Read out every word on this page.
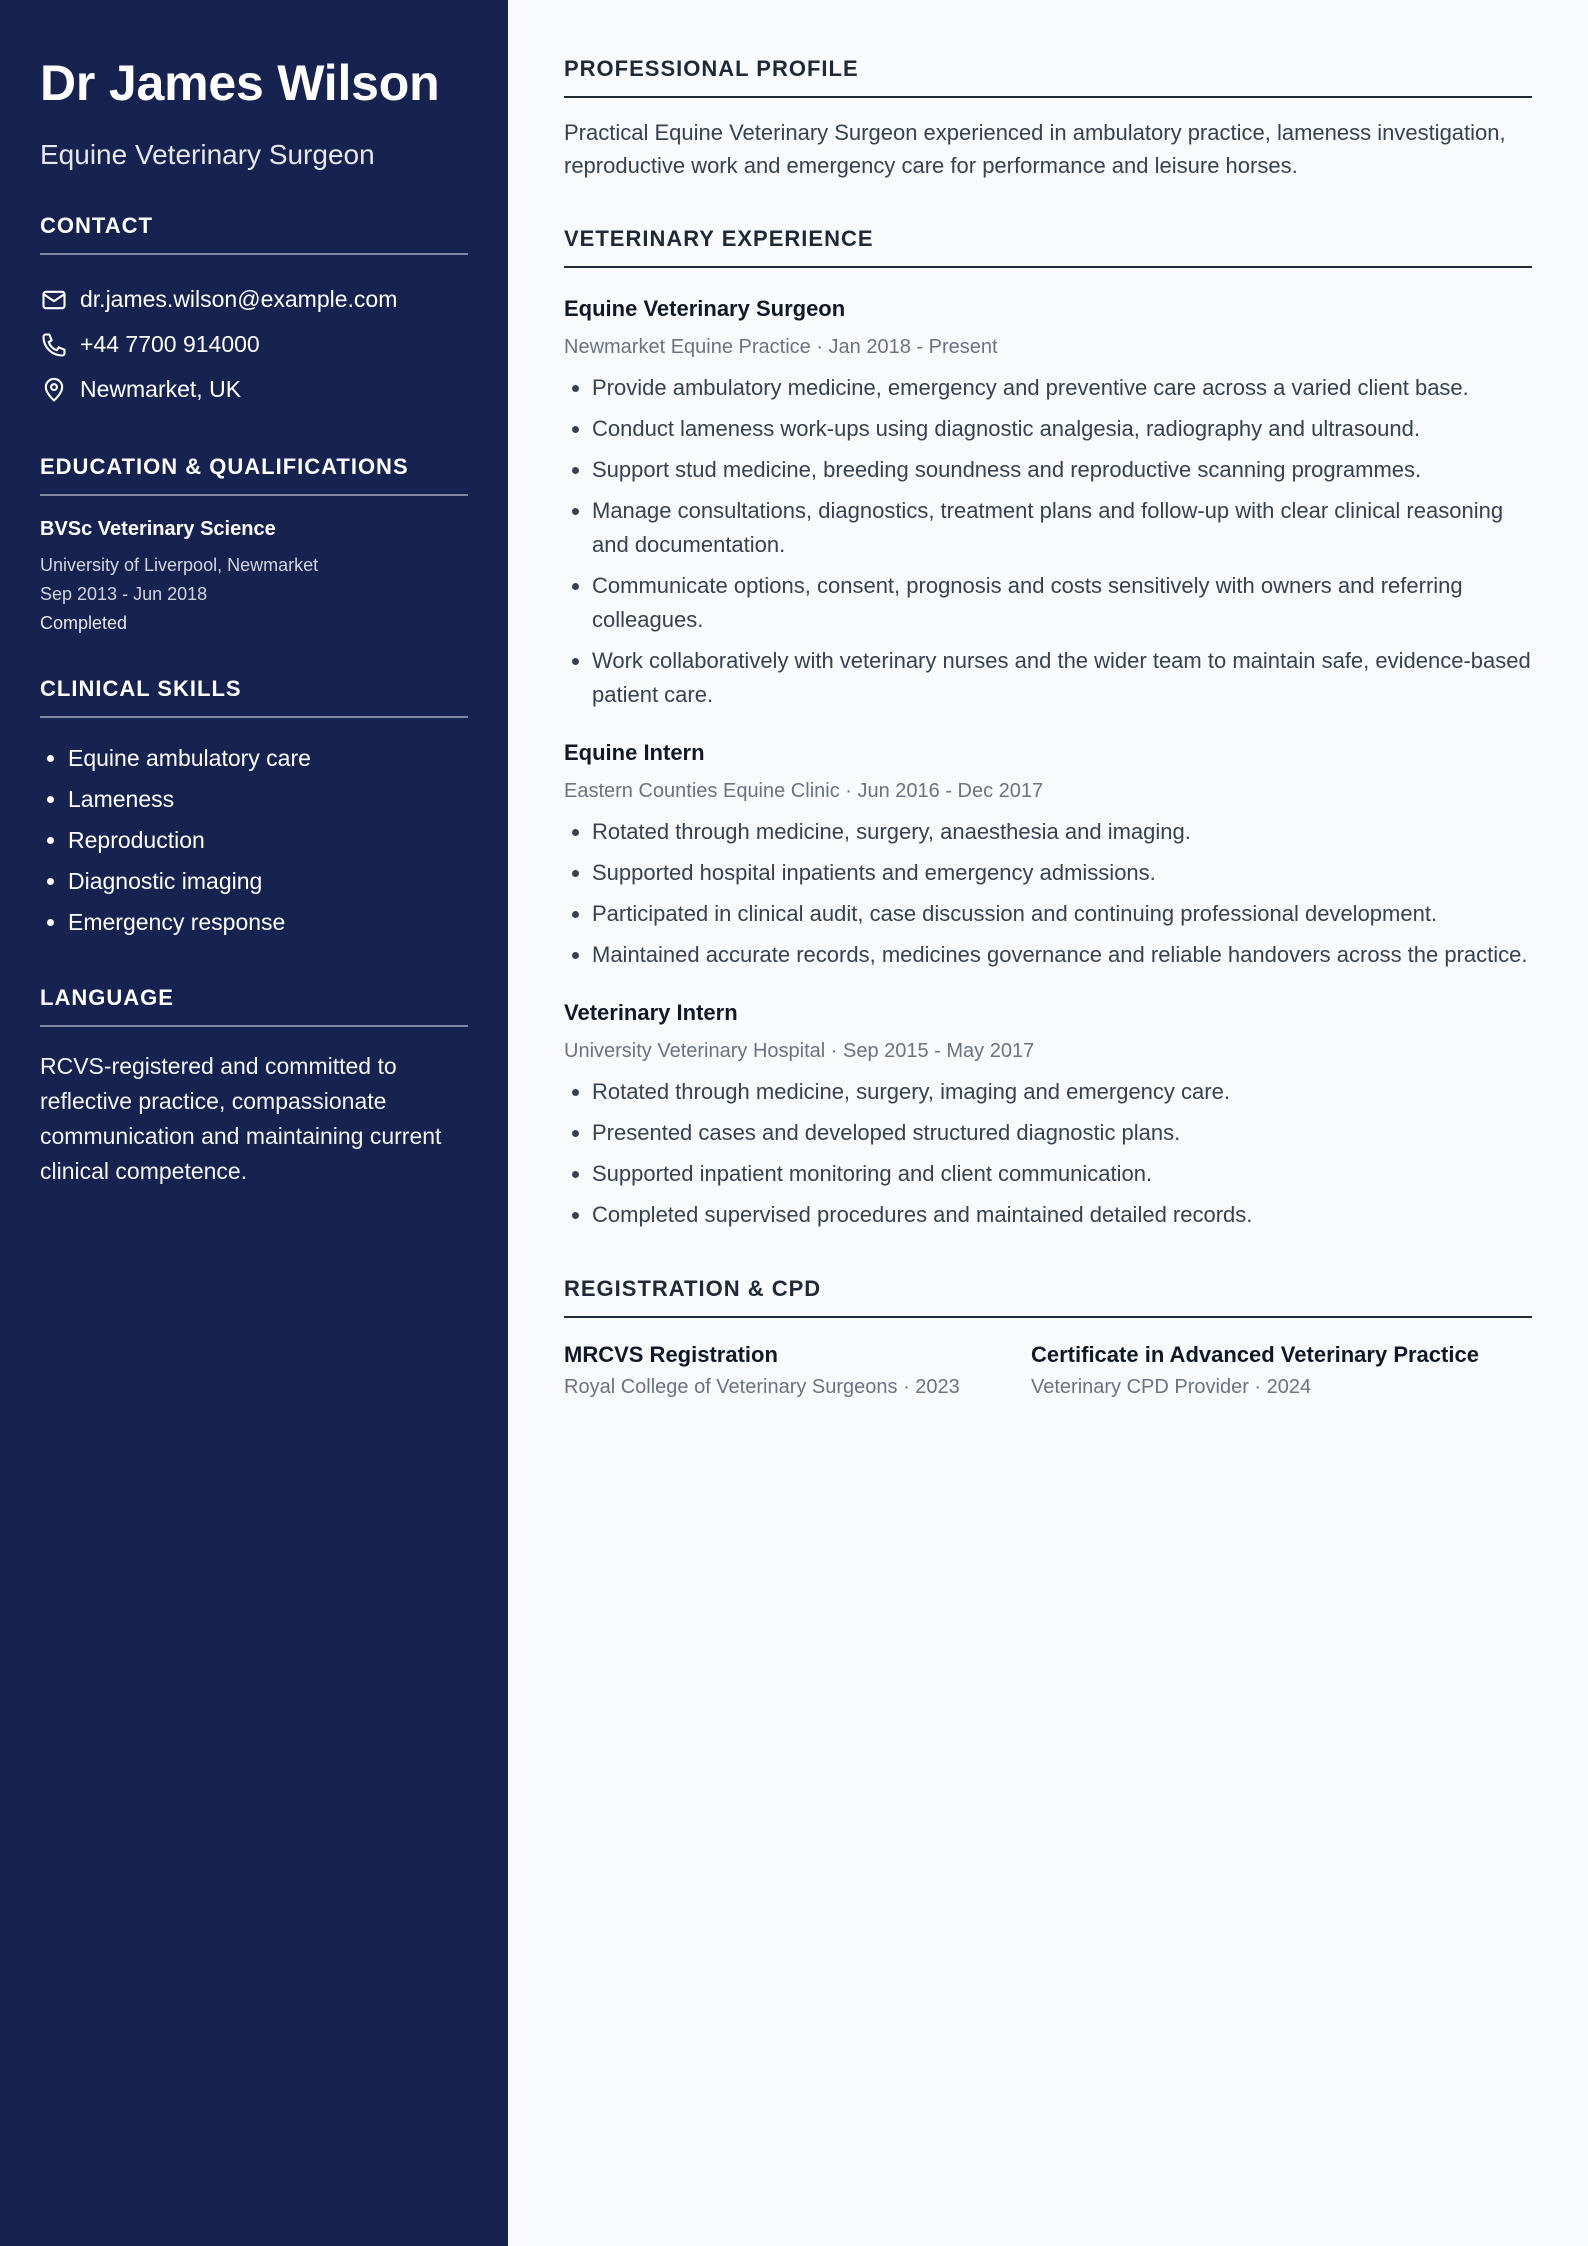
Dr James Wilson
Equine Veterinary Surgeon
CONTACT
dr.james.wilson@example.com
+44 7700 914000
Newmarket, UK
EDUCATION & QUALIFICATIONS
BVSc Veterinary Science
University of Liverpool, Newmarket
Sep 2013 - Jun 2018
Completed
CLINICAL SKILLS
• Equine ambulatory care
• Lameness
• Reproduction
• Diagnostic imaging
• Emergency response
LANGUAGE
RCVS-registered and committed to reflective practice, compassionate communication and maintaining current clinical competence.
PROFESSIONAL PROFILE
Practical Equine Veterinary Surgeon experienced in ambulatory practice, lameness investigation, reproductive work and emergency care for performance and leisure horses.
VETERINARY EXPERIENCE
Equine Veterinary Surgeon
Newmarket Equine Practice · Jan 2018 - Present
• Provide ambulatory medicine, emergency and preventive care across a varied client base.
• Conduct lameness work-ups using diagnostic analgesia, radiography and ultrasound.
• Support stud medicine, breeding soundness and reproductive scanning programmes.
• Manage consultations, diagnostics, treatment plans and follow-up with clear clinical reasoning and documentation.
• Communicate options, consent, prognosis and costs sensitively with owners and referring colleagues.
• Work collaboratively with veterinary nurses and the wider team to maintain safe, evidence-based patient care.
Equine Intern
Eastern Counties Equine Clinic · Jun 2016 - Dec 2017
• Rotated through medicine, surgery, anaesthesia and imaging.
• Supported hospital inpatients and emergency admissions.
• Participated in clinical audit, case discussion and continuing professional development.
• Maintained accurate records, medicines governance and reliable handovers across the practice.
Veterinary Intern
University Veterinary Hospital · Sep 2015 - May 2017
• Rotated through medicine, surgery, imaging and emergency care.
• Presented cases and developed structured diagnostic plans.
• Supported inpatient monitoring and client communication.
• Completed supervised procedures and maintained detailed records.
REGISTRATION & CPD
MRCVS Registration
Royal College of Veterinary Surgeons · 2023
Certificate in Advanced Veterinary Practice
Veterinary CPD Provider · 2024
